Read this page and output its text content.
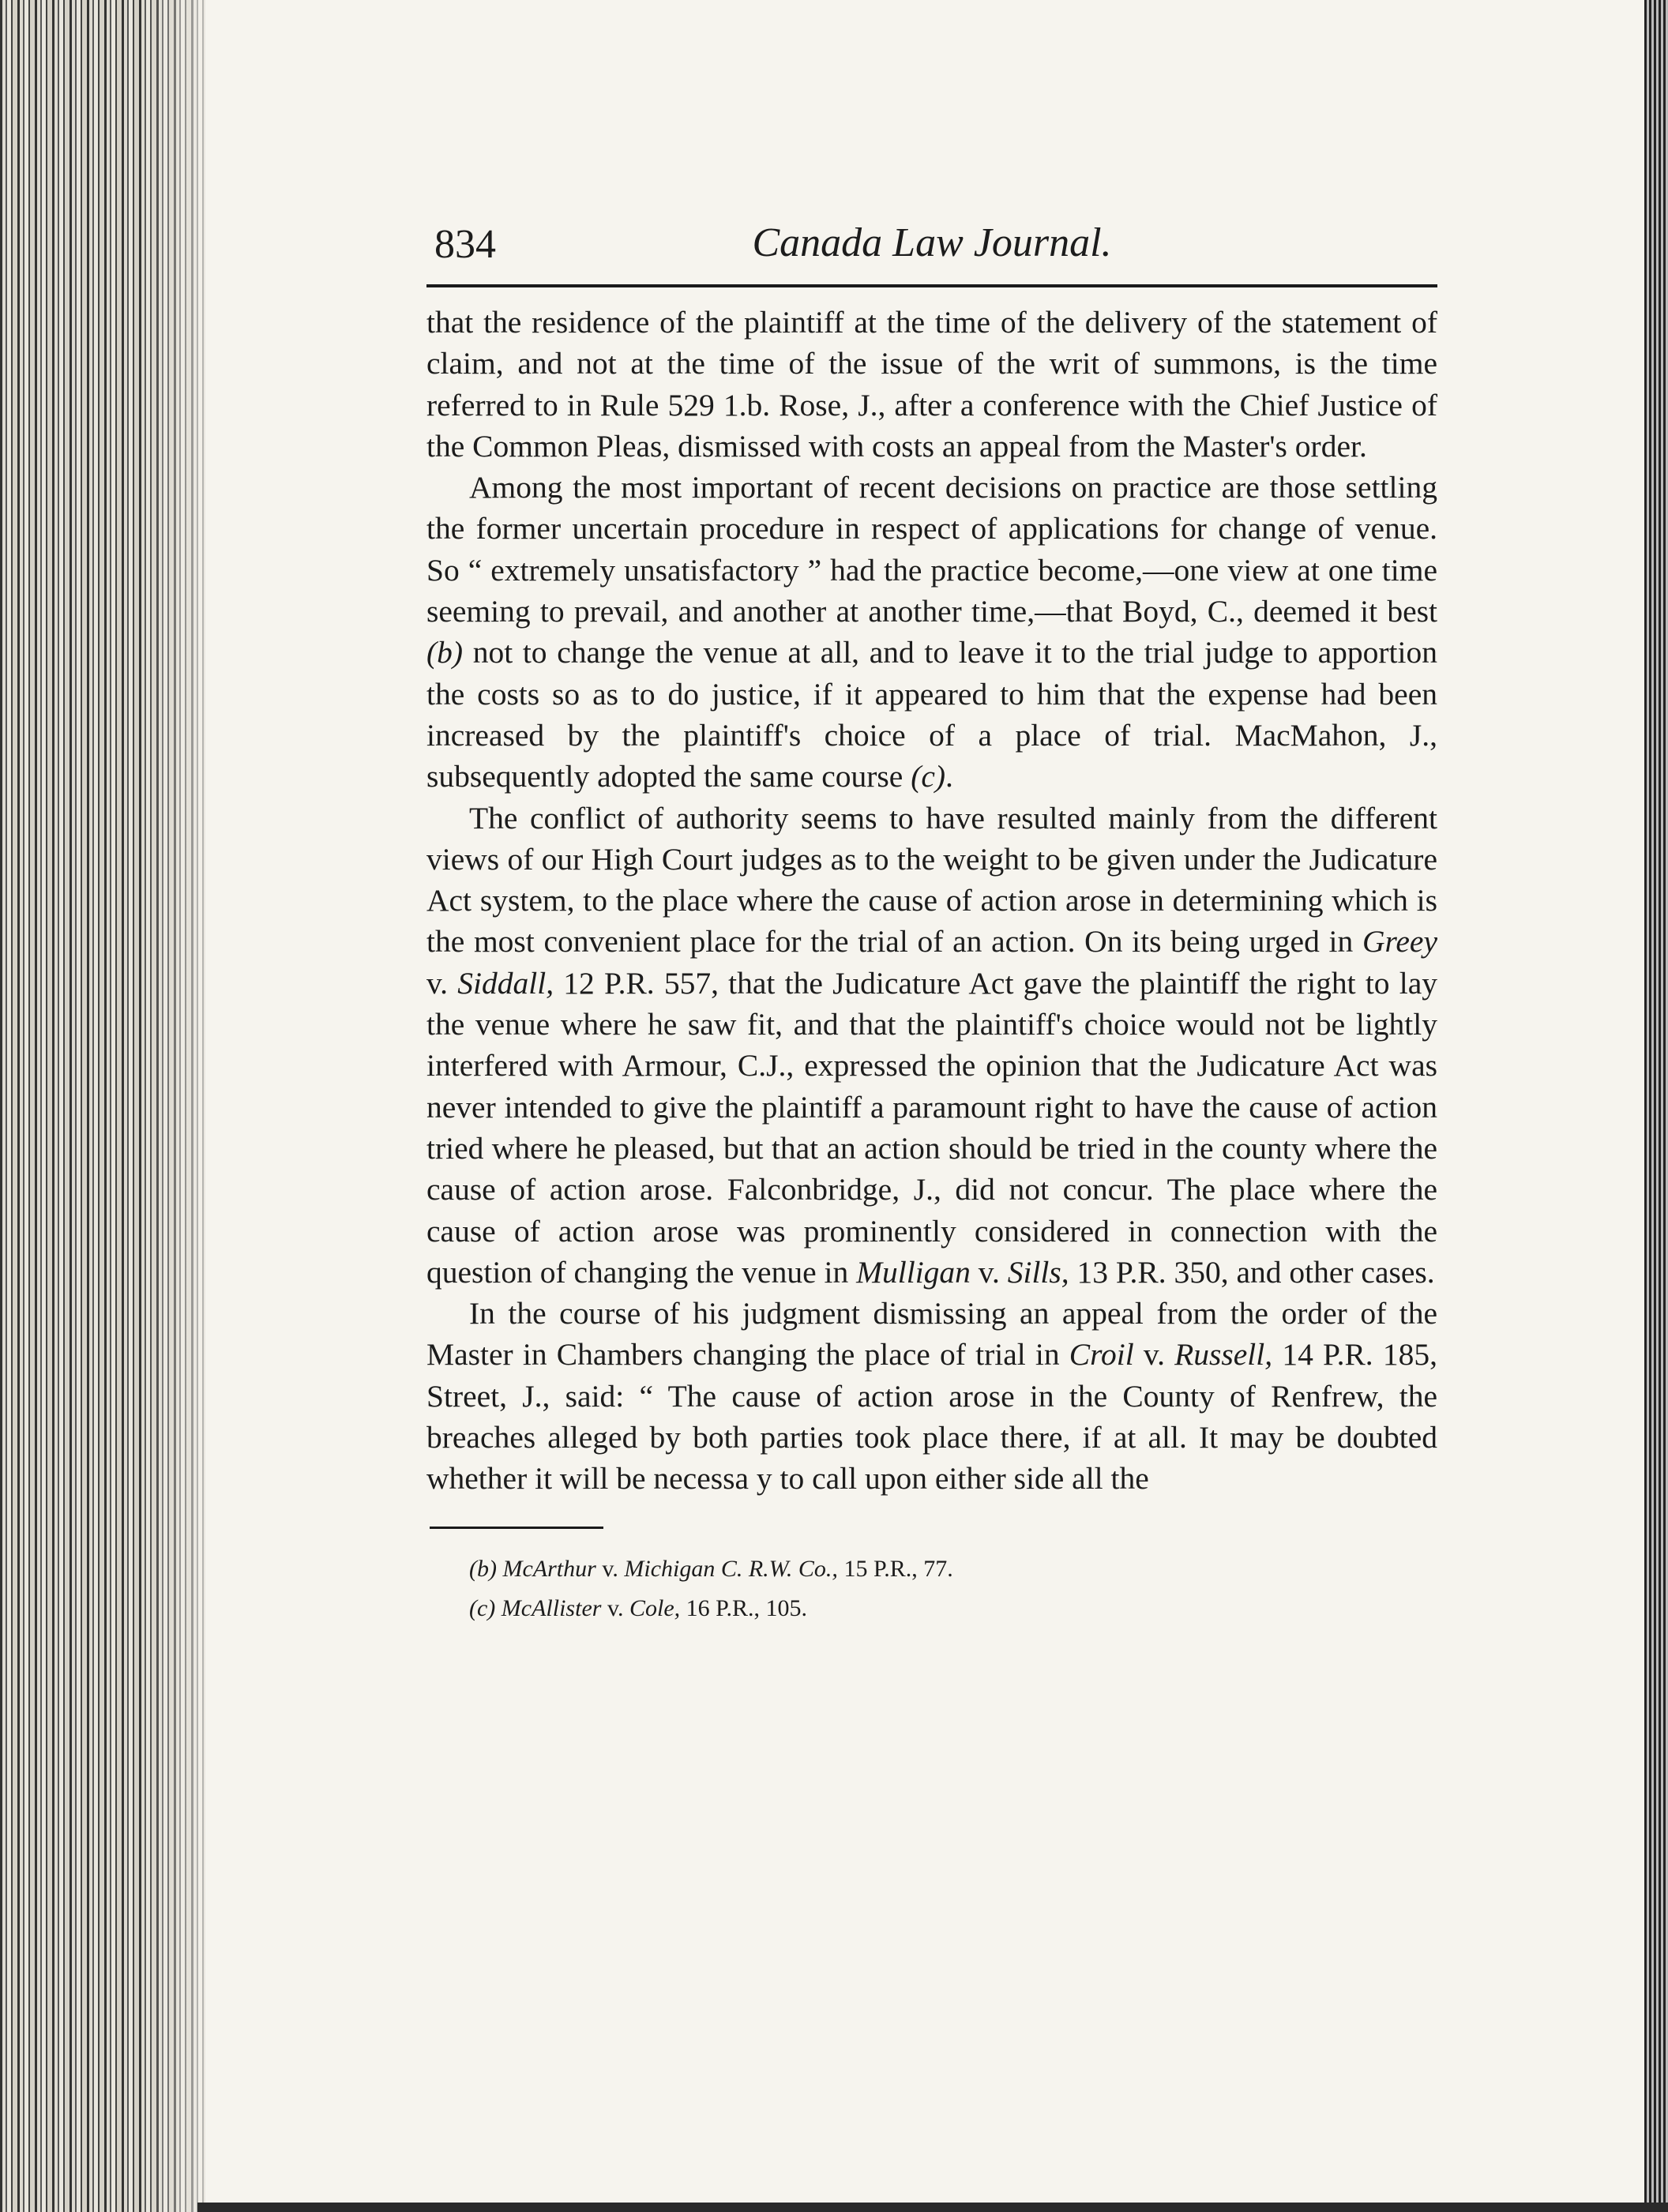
834	Canada Law Journal.

that the residence of the plaintiff at the time of the delivery of the statement of claim, and not at the time of the issue of the writ of summons, is the time referred to in Rule 529 1.b. Rose, J., after a conference with the Chief Justice of the Common Pleas, dismissed with costs an appeal from the Master's order.

Among the most important of recent decisions on practice are those settling the former uncertain procedure in respect of applications for change of venue. So “ extremely unsatisfactory ” had the practice become,—one view at one time seeming to prevail, and another at another time,—that Boyd, C., deemed it best (b) not to change the venue at all, and to leave it to the trial judge to apportion the costs so as to do justice, if it appeared to him that the expense had been increased by the plaintiff's choice of a place of trial. MacMahon, J., subsequently adopted the same course (c).

The conflict of authority seems to have resulted mainly from the different views of our High Court judges as to the weight to be given under the Judicature Act system, to the place where the cause of action arose in determining which is the most convenient place for the trial of an action. On its being urged in Greey v. Siddall, 12 P.R. 557, that the Judicature Act gave the plaintiff the right to lay the venue where he saw fit, and that the plaintiff's choice would not be lightly interfered with Armour, C.J., expressed the opinion that the Judicature Act was never intended to give the plaintiff a paramount right to have the cause of action tried where he pleased, but that an action should be tried in the county where the cause of action arose. Falconbridge, J., did not concur. The place where the cause of action arose was prominently considered in connection with the question of changing the venue in Mulligan v. Sills, 13 P.R. 350, and other cases.

In the course of his judgment dismissing an appeal from the order of the Master in Chambers changing the place of trial in Croil v. Russell, 14 P.R. 185, Street, J., said: “ The cause of action arose in the County of Renfrew, the breaches alleged by both parties took place there, if at all. It may be doubted whether it will be necessa y to call upon either side all the

(b) McArthur v. Michigan C. R.W. Co., 15 P.R., 77.

(c) McAllister v. Cole, 16 P.R., 105.
